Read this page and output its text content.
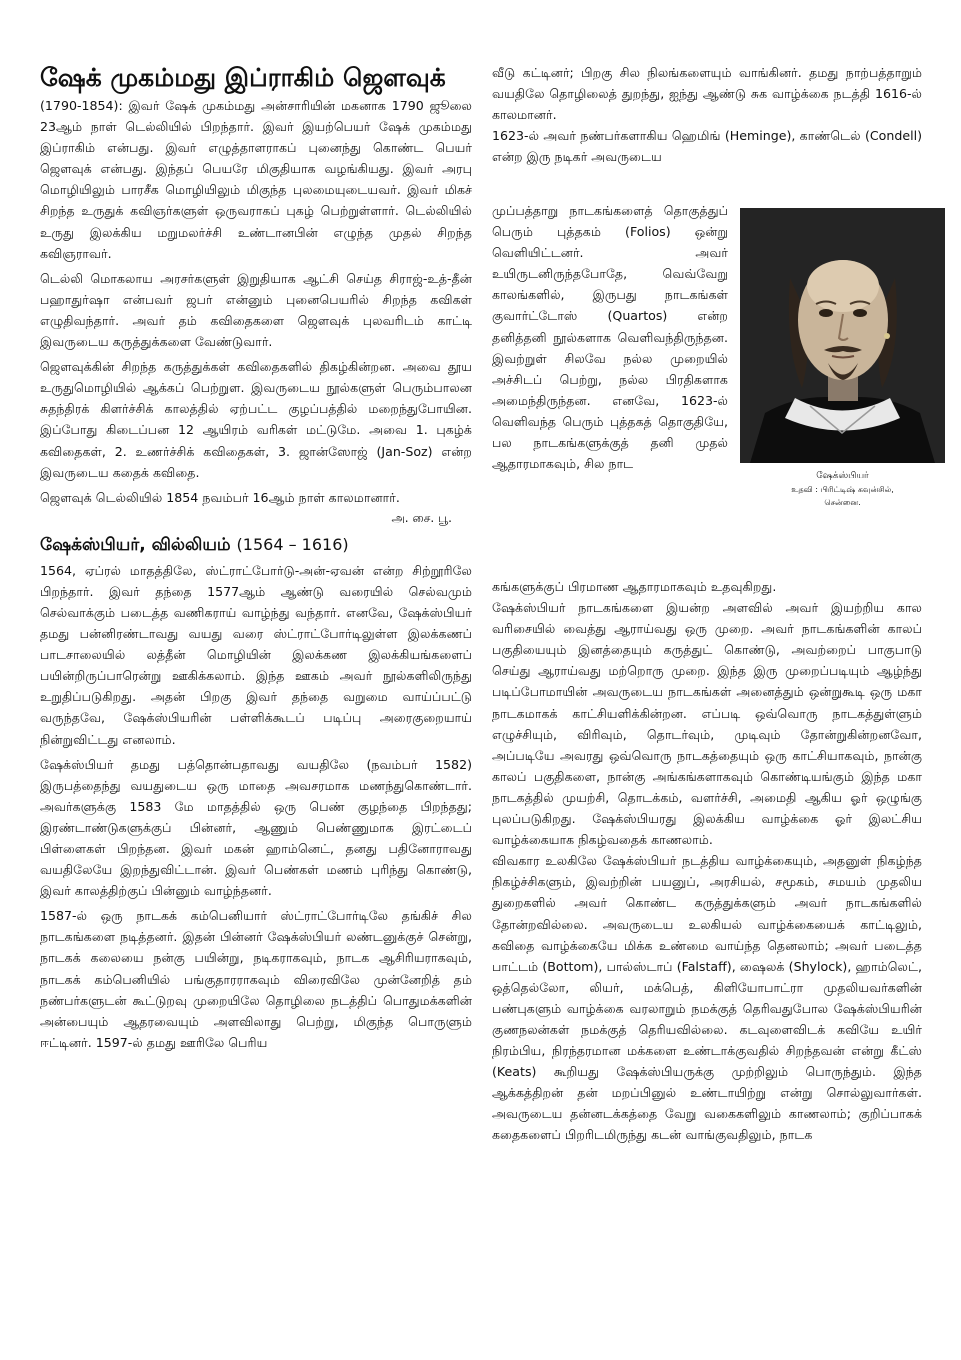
ஷேக் முகம்மது இப்ராகிம் ஜௌவுக்

(1790-1854): இவர் ஷேக் முகம்மது அன்சாரியின் மகனாக 1790 ஜூலை 23ஆம் நாள் டெல்லியில் பிறந்தார். இவர் இயற்பெயர் ஷேக் முகம்மது இப்ராகிம் என்பது. இவர் எழுத்தாளராகப் புனைந்து கொண்ட பெயர் ஜௌவுக் என்பது. இந்தப் பெயரே மிகுதியாக வழங்கியது. இவர் அரபு மொழியிலும் பாரசீக மொழியிலும் மிகுந்த புலமையுடையவர். இவர் மிகச் சிறந்த உருதுக் கவிஞர்களுள் ஒருவராகப் புகழ் பெற்றுள்ளார். டெல்லியில் உருது இலக்கிய மறுமலர்ச்சி உண்டானபின் எழுந்த முதல் சிறந்த கவிஞராவர்.

டெல்லி மொகலாய அரசர்களுள் இறுதியாக ஆட்சி செய்த சிராஜ்-உத்-தீன் பஹாதுர்ஷா என்பவர் ஜபர் என்னும் புனைபெயரில் சிறந்த கவிகள் எழுதிவந்தார். அவர் தம் கவிதைகளை ஜௌவுக் புலவரிடம் காட்டி இவருடைய கருத்துக்களை வேண்டுவார்.

ஜௌவுக்கின் சிறந்த கருத்துக்கள் கவிதைகளில் திகழ்கின்றன. அவை தூய உருதுமொழியில் ஆக்கப் பெற்றுள. இவருடைய நூல்களுள் பெரும்பாலன சுதந்திரக் கிளர்ச்சிக் காலத்தில் ஏற்பட்ட குழப்பத்தில் மறைந்துபோயின. இப்போது கிடைப்பன 12 ஆயிரம் வரிகள் மட்டுமே. அவை 1. புகழ்க் கவிதைகள், 2. உணர்ச்சிக் கவிதைகள், 3. ஜான்ஸோஜ் (Jan-Soz) என்ற இவருடைய கதைக் கவிதை.

ஜௌவுக் டெல்லியில் 1854 நவம்பர் 16ஆம் நாள் காலமானார்.

அ. சை. பூ.
ஷேக்ஸ்பியர், வில்லியம் (1564 – 1616)

1564, ஏப்ரல் மாதத்திலே, ஸ்ட்ராட்போர்டு-அன்-ஏவன் என்ற சிற்றூரிலே பிறந்தார். இவர் தந்தை 1577ஆம் ஆண்டு வரையில் செல்வமும் செல்வாக்கும் படைத்த வணிகராய் வாழ்ந்து வந்தார். எனவே, ஷேக்ஸ்பியர் தமது பன்னிரண்டாவது வயது வரை ஸ்ட்ராட்போர்டிலுள்ள இலக்கணப் பாடசாலையில் லத்தீன் மொழியின் இலக்கண இலக்கியங்களைப் பயின்றிருப்பாரென்று ஊகிக்கலாம். இந்த ஊகம் அவர் நூல்களிலிருந்து உறுதிப்படுகிறது. அதன் பிறகு இவர் தந்தை வறுமை வாய்ப்பட்டு வருந்தவே, ஷேக்ஸ்பியரின் பள்ளிக்கூடப் படிப்பு அரைகுறையாய் நின்றுவிட்டது எனலாம்.

ஷேக்ஸ்பியர் தமது பத்தொன்பதாவது வயதிலே (நவம்பர் 1582) இருபத்தைந்து வயதுடைய ஒரு மாதை அவசரமாக மணந்துகொண்டார். அவர்களுக்கு 1583 மே மாதத்தில் ஒரு பெண் குழந்தை பிறந்தது; இரண்டாண்டுகளுக்குப் பின்னர், ஆணும் பெண்ணுமாக இரட்டைப் பிள்ளைகள் பிறந்தன. இவர் மகன் ஹாம்னெட், தனது பதினோராவது வயதிலேயே இறந்துவிட்டான். இவர் பெண்கள் மணம் புரிந்து கொண்டு, இவர் காலத்திற்குப் பின்னும் வாழ்ந்தனர்.

1587-ல் ஒரு நாடகக் கம்பெனியார் ஸ்ட்ராட்போர்டிலே தங்கிச் சில நாடகங்களை நடித்தனர். இதன் பின்னர் ஷேக்ஸ்பியர் லண்டனுக்குச் சென்று, நாடகக் கலையை நன்கு பயின்று, நடிகராகவும், நாடக ஆசிரியராகவும், நாடகக் கம்பெனியில் பங்குதாரராகவும் விரைவிலே முன்னேறித் தம் நண்பர்களுடன் கூட்டுறவு முறையிலே தொழிலை நடத்திப் பொதுமக்களின் அன்பையும் ஆதரவையும் அளவிலாது பெற்று, மிகுந்த பொருளும் ஈட்டினர். 1597-ல் தமது ஊரிலே பெரிய

வீடு கட்டினர்; பிறகு சில நிலங்களையும் வாங்கினர். தமது நாற்பத்தாறும் வயதிலே தொழிலைத் துறந்து, ஐந்து ஆண்டு சுக வாழ்க்கை நடத்தி 1616-ல் காலமானர்.

1623-ல் அவர் நண்பர்களாகிய ஹெமிங் (Heminge), காண்டெல் (Condell) என்ற இரு நடிகர் அவருடைய

முப்பத்தாறு நாடகங்களைத் தொகுத்துப் பெரும் புத்தகம் (Folios) ஒன்று வெளியிட்டனர். அவர் உயிருடனிருந்தபோதே, வெவ்வேறு காலங்களில், இருபது நாடகங்கள் குவார்ட்டோஸ் (Quartos) என்ற தனித்தனி நூல்களாக வெளிவந்திருந்தன. இவற்றுள் சிலவே நல்ல முறையில் அச்சிடப் பெற்று, நல்ல பிரதிகளாக அமைந்திருந்தன. எனவே, 1623-ல் வெளிவந்த பெரும் புத்தகத் தொகுதியே, பல நாடகங்களுக்குத் தனி முதல் ஆதாரமாகவும், சில நாட

ஷேக்ஸ்பியர்
உதவி : பிரிட்டிஷ் கவுன்சில்,
சென்னை.

கங்களுக்குப் பிரமாண ஆதாரமாகவும் உதவுகிறது.

ஷேக்ஸ்பியர் நாடகங்களை இயன்ற அளவில் அவர் இயற்றிய கால வரிசையில் வைத்து ஆராய்வது ஒரு முறை. அவர் நாடகங்களின் காலப் பகுதியையும் இனத்தையும் கருத்துட் கொண்டு, அவற்றைப் பாகுபாடு செய்து ஆராய்வது மற்றொரு முறை. இந்த இரு முறைப்படியும் ஆழ்ந்து படிப்போமாயின் அவருடைய நாடகங்கள் அனைத்தும் ஒன்றுகூடி ஒரு மகா நாடகமாகக் காட்சியளிக்கின்றன. எப்படி ஒவ்வொரு நாடகத்துள்ளும் எழுச்சியும், விரிவும், தொடர்வும், முடிவும் தோன்றுகின்றனவோ, அப்படியே அவரது ஒவ்வொரு நாடகத்தையும் ஒரு காட்சியாகவும், நான்கு காலப் பகுதிகளை, நான்கு அங்கங்களாகவும் கொண்டியங்கும் இந்த மகா நாடகத்தில் முயற்சி, தொடக்கம், வளர்ச்சி, அமைதி ஆகிய ஓர் ஒழுங்கு புலப்படுகிறது. ஷேக்ஸ்பியரது இலக்கிய வாழ்க்கை ஓர் இலட்சிய வாழ்க்கையாக நிகழ்வதைக் காணலாம்.

விவகார உலகிலே ஷேக்ஸ்பியர் நடத்திய வாழ்க்கையும், அதனுள் நிகழ்ந்த நிகழ்ச்சிகளும், இவற்றின் பயனுப், அரசியல், சமூகம், சமயம் முதலிய துறைகளில் அவர் கொண்ட கருத்துக்களும் அவர் நாடகங்களில் தோன்றவில்லை. அவருடைய உலகியல் வாழ்க்கையைக் காட்டிலும், கவிதை வாழ்க்கையே மிக்க உண்மை வாய்ந்த தெனலாம்; அவர் படைத்த பாட்டம் (Bottom), பால்ஸ்டாப் (Falstaff), ஷைலக் (Shylock), ஹாம்லெட், ஒத்தெல்லோ, லியர், மக்பெத், கிளியோபாட்ரா முதலியவர்களின் பண்புகளும் வாழ்க்கை வரலாறும் நமக்குத் தெரிவதுபோல ஷேக்ஸ்பியரின் குணநலன்கள் நமக்குத் தெரியவில்லை. கடவுளைவிடக் கவியே உயிர் நிரம்பிய, நிரந்தரமான மக்களை உண்டாக்குவதில் சிறந்தவன் என்று கீட்ஸ் (Keats) கூறியது ஷேக்ஸ்பியருக்கு முற்றிலும் பொருந்தும். இந்த ஆக்கத்திறன் தன் மறப்பினுல் உண்டாயிற்று என்று சொல்லுவார்கள். அவருடைய தன்னடக்கத்தை வேறு வகைகளிலும் காணலாம்; குறிப்பாகக் கதைகளைப் பிறரிடமிருந்து கடன் வாங்குவதிலும், நாடக
